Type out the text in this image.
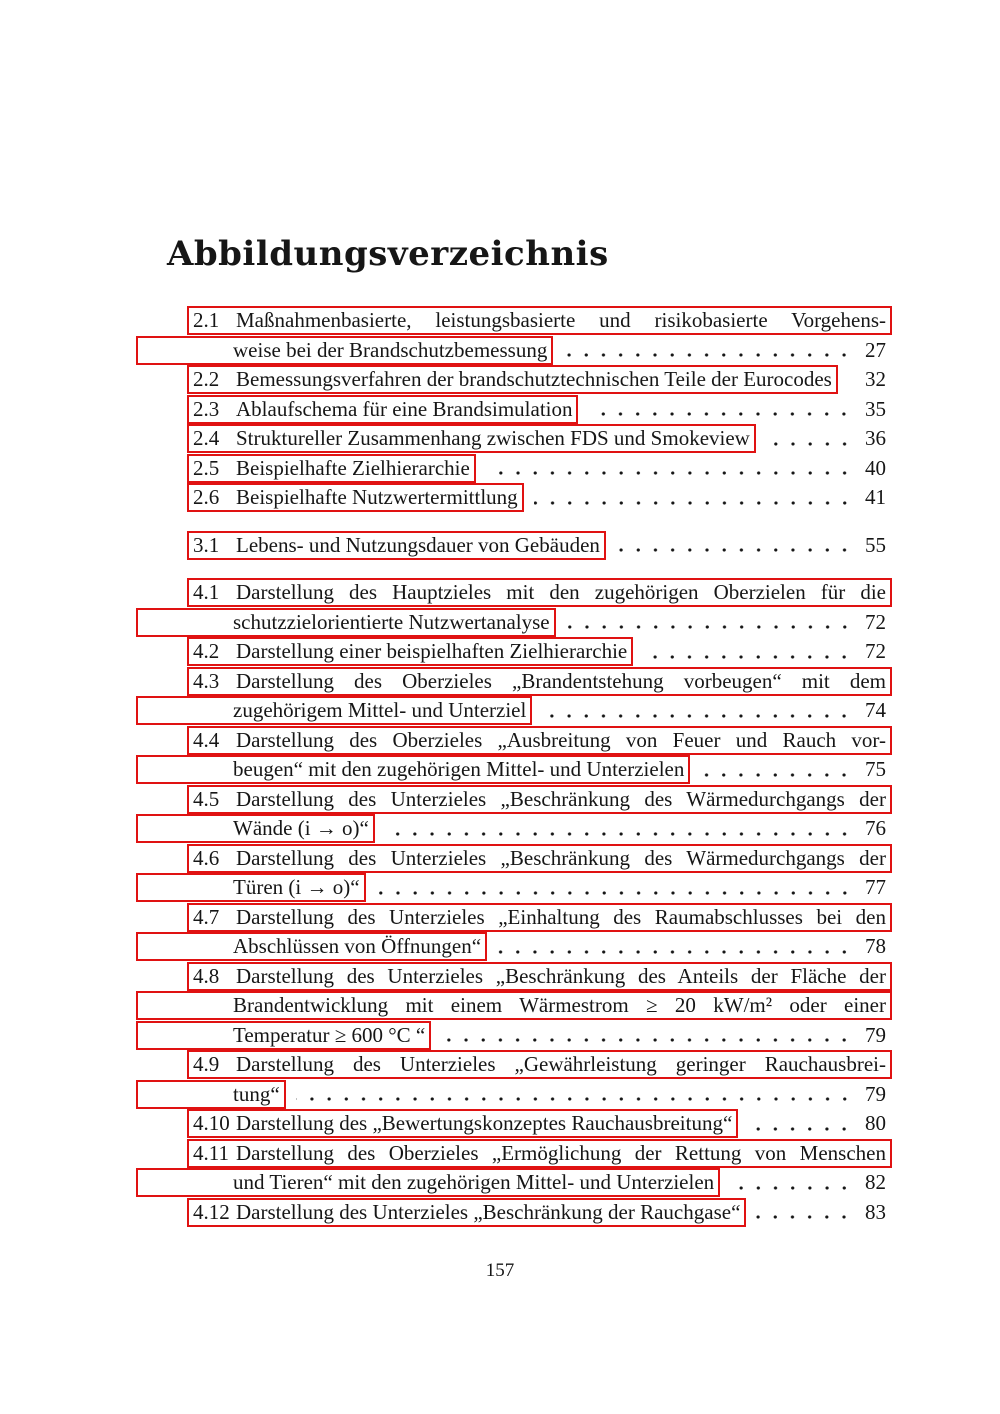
Abbildungsverzeichnis
2.1 Maßnahmenbasierte, leistungsbasierte und risikobasierte Vorgehens-
weise bei der Brandschutzbemessung	27
2.2 Bemessungsverfahren der brandschutztechnischen Teile der Eurocodes 32
2.3 Ablaufschema für eine Brandsimulation	35
2.4 Struktureller Zusammenhang zwischen FDS und Smokeview	36
2.5 Beispielhafte Zielhierarchie	40
2.6 Beispielhafte Nutzwertermittlung	41
3.1 Lebens- und Nutzungsdauer von Gebäuden	55
4.1 Darstellung des Hauptzieles mit den zugehörigen Oberzielen für die
schutzzielorientierte Nutzwertanalyse	72
4.2 Darstellung einer beispielhaften Zielhierarchie	72
4.3 Darstellung des Oberzieles „Brandentstehung vorbeugen“ mit dem
zugehörigem Mittel- und Unterziel	74
4.4 Darstellung des Oberzieles „Ausbreitung von Feuer und Rauch vor-
beugen“ mit den zugehörigen Mittel- und Unterzielen	75
4.5 Darstellung des Unterzieles „Beschränkung des Wärmedurchgangs der
Wände (i → o)“	76
4.6 Darstellung des Unterzieles „Beschränkung des Wärmedurchgangs der
Türen (i → o)“	77
4.7 Darstellung des Unterzieles „Einhaltung des Raumabschlusses bei den
Abschlüssen von Öffnungen“	78
4.8 Darstellung des Unterzieles „Beschränkung des Anteils der Fläche der
Brandentwicklung mit einem Wärmestrom ≥ 20 kW/m² oder einer
Temperatur ≥ 600 °C “	79
4.9 Darstellung des Unterzieles „Gewährleistung geringer Rauchausbrei-
tung“	79
4.10 Darstellung des „Bewertungskonzeptes Rauchausbreitung“	80
4.11 Darstellung des Oberzieles „Ermöglichung der Rettung von Menschen
und Tieren“ mit den zugehörigen Mittel- und Unterzielen	82
4.12 Darstellung des Unterzieles „Beschränkung der Rauchgase“	83
157
